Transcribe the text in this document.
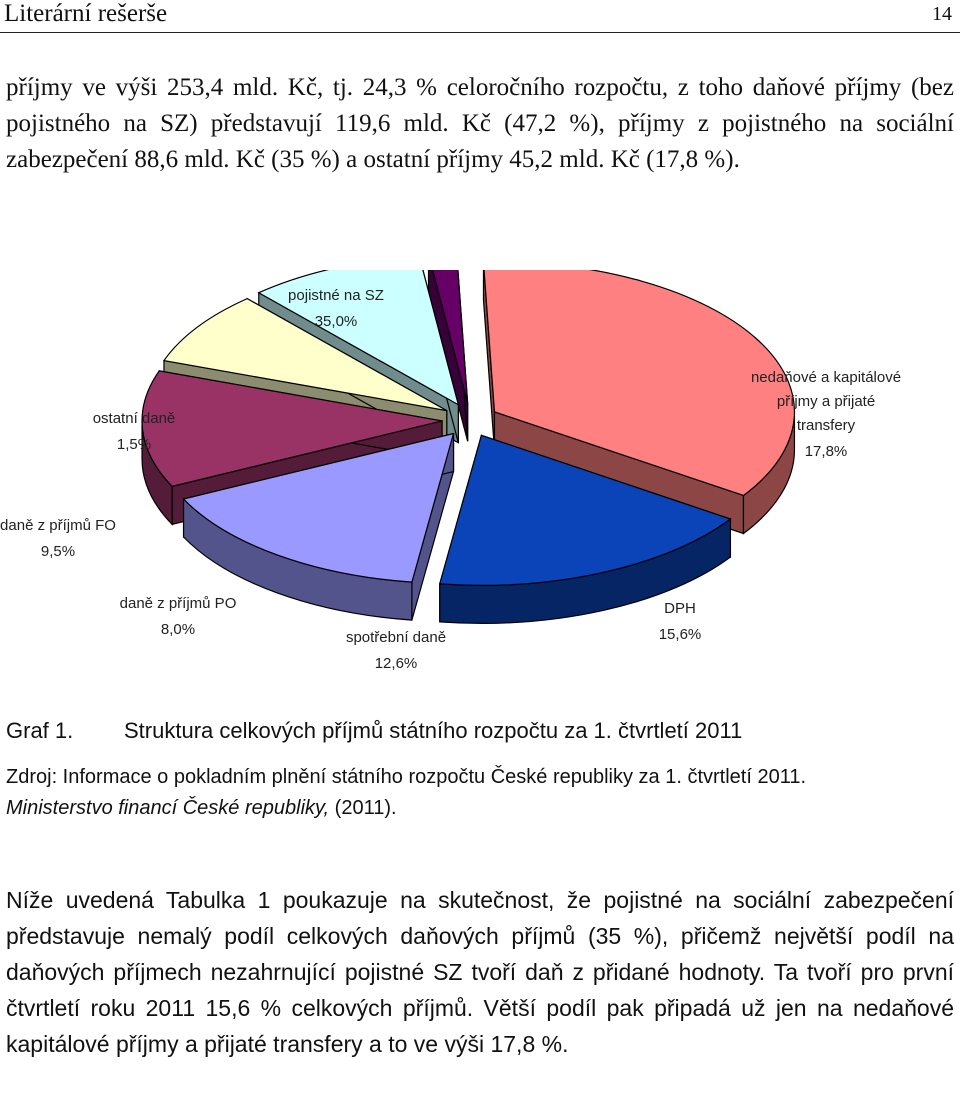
Literární rešerše	14

příjmy ve výši 253,4 mld. Kč, tj. 24,3 % celoročního rozpočtu, z toho daňové příjmy (bez pojistného na SZ) představují 119,6 mld. Kč (47,2 %), příjmy z pojistného na sociální zabezpečení 88,6 mld. Kč (35 %) a ostatní příjmy 45,2 mld. Kč (17,8 %).

pojistné na SZ 35,0%
nedaňové a kapitálové příjmy a přijaté transfery 17,8%
DPH 15,6%
spotřební daně 12,6%
daně z příjmů PO 8,0%
daně z příjmů FO 9,5%
ostatní daně 1,5%
Graf 1. Struktura celkových příjmů státního rozpočtu za 1. čtvrtletí 2011
Zdroj: Informace o pokladním plnění státního rozpočtu České republiky za 1. čtvrtletí 2011.
Ministerstvo financí České republiky, (2011).

Níže uvedená Tabulka 1 poukazuje na skutečnost, že pojistné na sociální zabezpečení představuje nemalý podíl celkových daňových příjmů (35 %), přičemž největší podíl na daňových příjmech nezahrnující pojistné SZ tvoří daň z přidané hodnoty. Ta tvoří pro první čtvrtletí roku 2011 15,6 % celkových příjmů. Větší podíl pak připadá už jen na nedaňové kapitálové příjmy a přijaté transfery a to ve výši 17,8 %.
